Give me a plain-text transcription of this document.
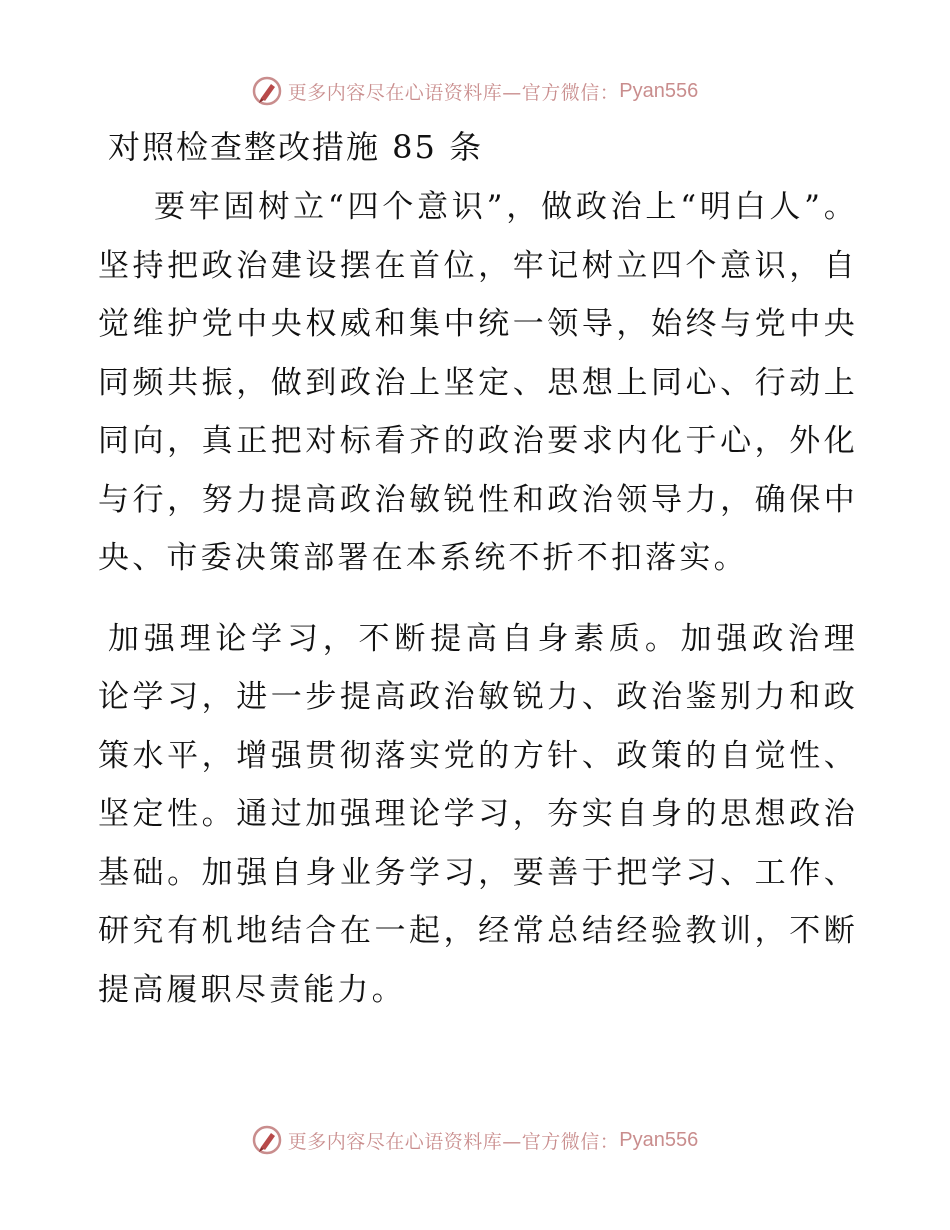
更多内容尽在心语资料库—官方微信： Pyan556
对照检查整改措施 85 条

要牢固树立“四个意识”，做政治上“明白人”。坚持把政治建设摆在首位，牢记树立四个意识，自觉维护党中央权威和集中统一领导，始终与党中央同频共振，做到政治上坚定、思想上同心、行动上同向，真正把对标看齐的政治要求内化于心，外化与行，努力提高政治敏锐性和政治领导力，确保中央、市委决策部署在本系统不折不扣落实。

加强理论学习，不断提高自身素质。加强政治理论学习，进一步提高政治敏锐力、政治鉴别力和政策水平，增强贯彻落实党的方针、政策的自觉性、坚定性。通过加强理论学习，夯实自身的思想政治基础。加强自身业务学习，要善于把学习、工作、研究有机地结合在一起，经常总结经验教训，不断提高履职尽责能力。

更多内容尽在心语资料库—官方微信： Pyan556
